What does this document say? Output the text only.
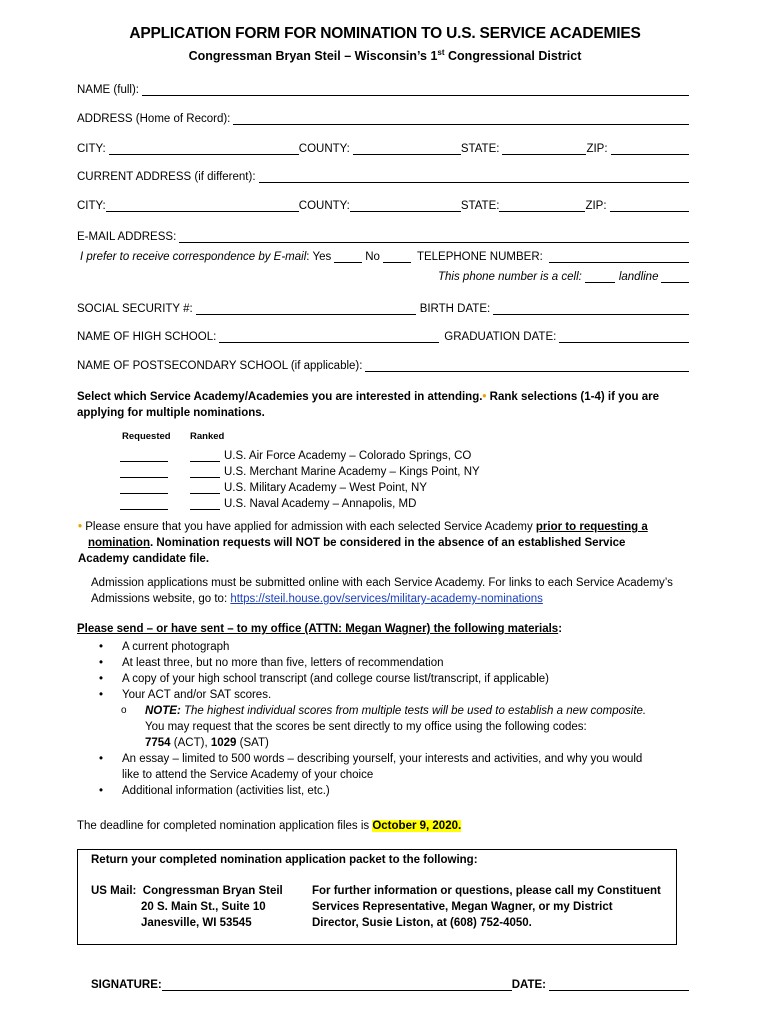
APPLICATION FORM FOR NOMINATION TO U.S. SERVICE ACADEMIES
Congressman Bryan Steil – Wisconsin’s 1st Congressional District
NAME (full):
ADDRESS (Home of Record):
CITY:	COUNTY:	STATE:	ZIP:
CURRENT ADDRESS (if different):
CITY:	COUNTY:	STATE:	ZIP:
E-MAIL ADDRESS:
I prefer to receive correspondence by E-mail : Yes	No	TELEPHONE NUMBER:
This phone number is a cell:	landline
SOCIAL SECURITY #:	BIRTH DATE:
NAME OF HIGH SCHOOL:	GRADUATION DATE:
NAME OF POSTSECONDARY SCHOOL (if applicable):
Select which Service Academy/Academies you are interested in attending.• Rank selections (1-4) if you are applying for multiple nominations.
Requested Ranked
U.S. Air Force Academy – Colorado Springs, CO
U.S. Merchant Marine Academy – Kings Point, NY
U.S. Military Academy – West Point, NY
U.S. Naval Academy – Annapolis, MD
• Please ensure that you have applied for admission with each selected Service Academy prior to requesting a
nomination. Nomination requests will NOT be considered in the absence of an established Service Academy candidate file.
Admission applications must be submitted online with each Service Academy. For links to each Service Academy’s Admissions website, go to: https://steil.house.gov/services/military-academy-nominations
Please send – or have sent – to my office (ATTN: Megan Wagner) the following materials:
• A current photograph
• At least three, but no more than five, letters of recommendation
• A copy of your high school transcript (and college course list/transcript, if applicable)
• Your ACT and/or SAT scores.
o NOTE: The highest individual scores from multiple tests will be used to establish a new composite.
You may request that the scores be sent directly to my office using the following codes:
7754 (ACT), 1029 (SAT)
• An essay – limited to 500 words – describing yourself, your interests and activities, and why you would
like to attend the Service Academy of your choice
• Additional information (activities list, etc.)
The deadline for completed nomination application files is October 9, 2020.
Return your completed nomination application packet to the following:
US Mail: Congressman Bryan Steil
20 S. Main St., Suite 10
Janesville, WI 53545
For further information or questions, please call my Constituent Services Representative, Megan Wagner, or my District Director, Susie Liston, at (608) 752-4050.
SIGNATURE:	DATE:
